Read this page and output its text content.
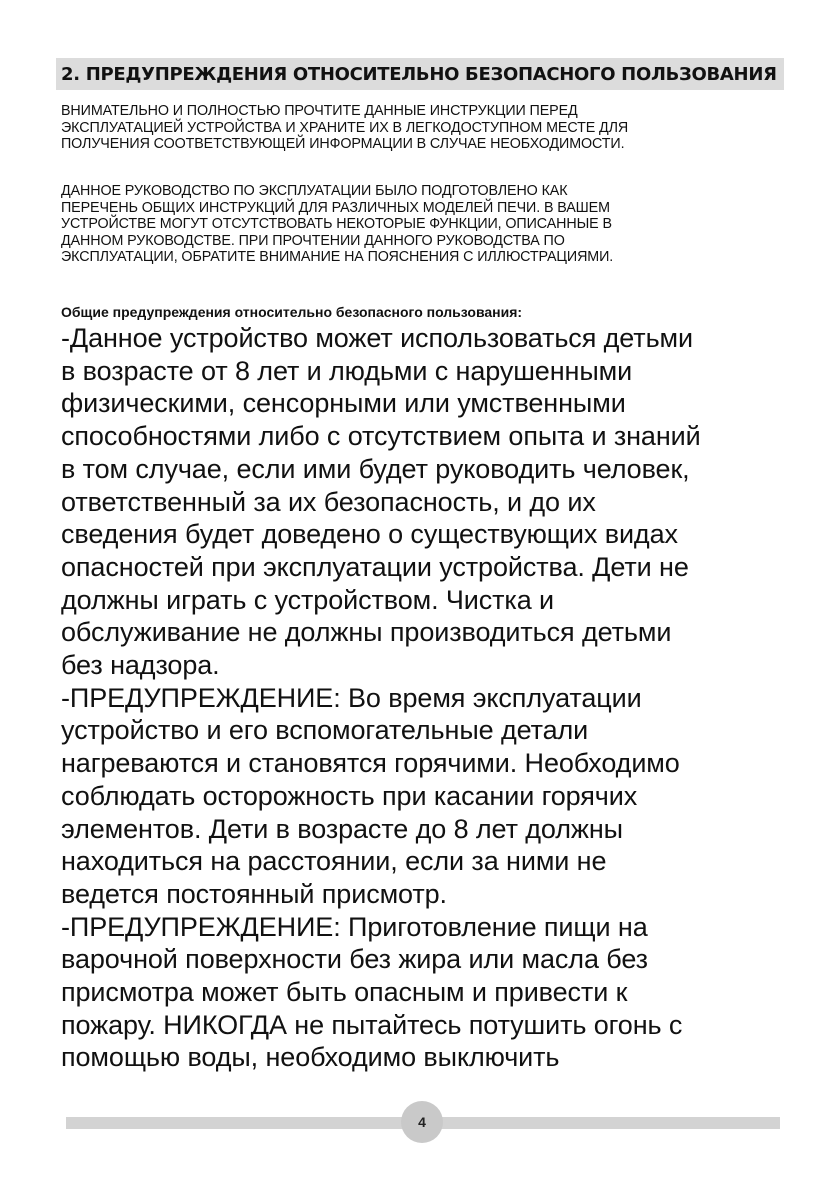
2. ПРЕДУПРЕЖДЕНИЯ ОТНОСИТЕЛЬНО БЕЗОПАСНОГО ПОЛЬЗОВАНИЯ
ВНИМАТЕЛЬНО И ПОЛНОСТЬЮ ПРОЧТИТЕ ДАННЫЕ ИНСТРУКЦИИ ПЕРЕД
ЭКСПЛУАТАЦИЕЙ УСТРОЙСТВА И ХРАНИТЕ ИХ В ЛЕГКОДОСТУПНОМ МЕСТЕ ДЛЯ
ПОЛУЧЕНИЯ СООТВЕТСТВУЮЩЕЙ ИНФОРМАЦИИ В СЛУЧАЕ НЕОБХОДИМОСТИ.
ДАННОЕ РУКОВОДСТВО ПО ЭКСПЛУАТАЦИИ БЫЛО ПОДГОТОВЛЕНО КАК
ПЕРЕЧЕНЬ ОБЩИХ ИНСТРУКЦИЙ ДЛЯ РАЗЛИЧНЫХ МОДЕЛЕЙ ПЕЧИ. В ВАШЕМ
УСТРОЙСТВЕ МОГУТ ОТСУТСТВОВАТЬ НЕКОТОРЫЕ ФУНКЦИИ, ОПИСАННЫЕ В
ДАННОМ РУКОВОДСТВЕ. ПРИ ПРОЧТЕНИИ ДАННОГО РУКОВОДСТВА ПО
ЭКСПЛУАТАЦИИ, ОБРАТИТЕ ВНИМАНИЕ НА ПОЯСНЕНИЯ С ИЛЛЮСТРАЦИЯМИ.
Общие предупреждения относительно безопасного пользования:
-Данное устройство может использоваться детьми
в возрасте от 8 лет и людьми с нарушенными
физическими, сенсорными или умственными
способностями либо с отсутствием опыта и знаний
в том случае, если ими будет руководить человек,
ответственный за их безопасность, и до их
сведения будет доведено о существующих видах
опасностей при эксплуатации устройства. Дети не
должны играть с устройством. Чистка и
обслуживание не должны производиться детьми
без надзора.
-ПРЕДУПРЕЖДЕНИЕ: Во время эксплуатации
устройство и его вспомогательные детали
нагреваются и становятся горячими. Необходимо
соблюдать осторожность при касании горячих
элементов. Дети в возрасте до 8 лет должны
находиться на расстоянии, если за ними не
ведется постоянный присмотр.
-ПРЕДУПРЕЖДЕНИЕ: Приготовление пищи на
варочной поверхности без жира или масла без
присмотра может быть опасным и привести к
пожару. НИКОГДА не пытайтесь потушить огонь с
помощью воды, необходимо выключить
4
